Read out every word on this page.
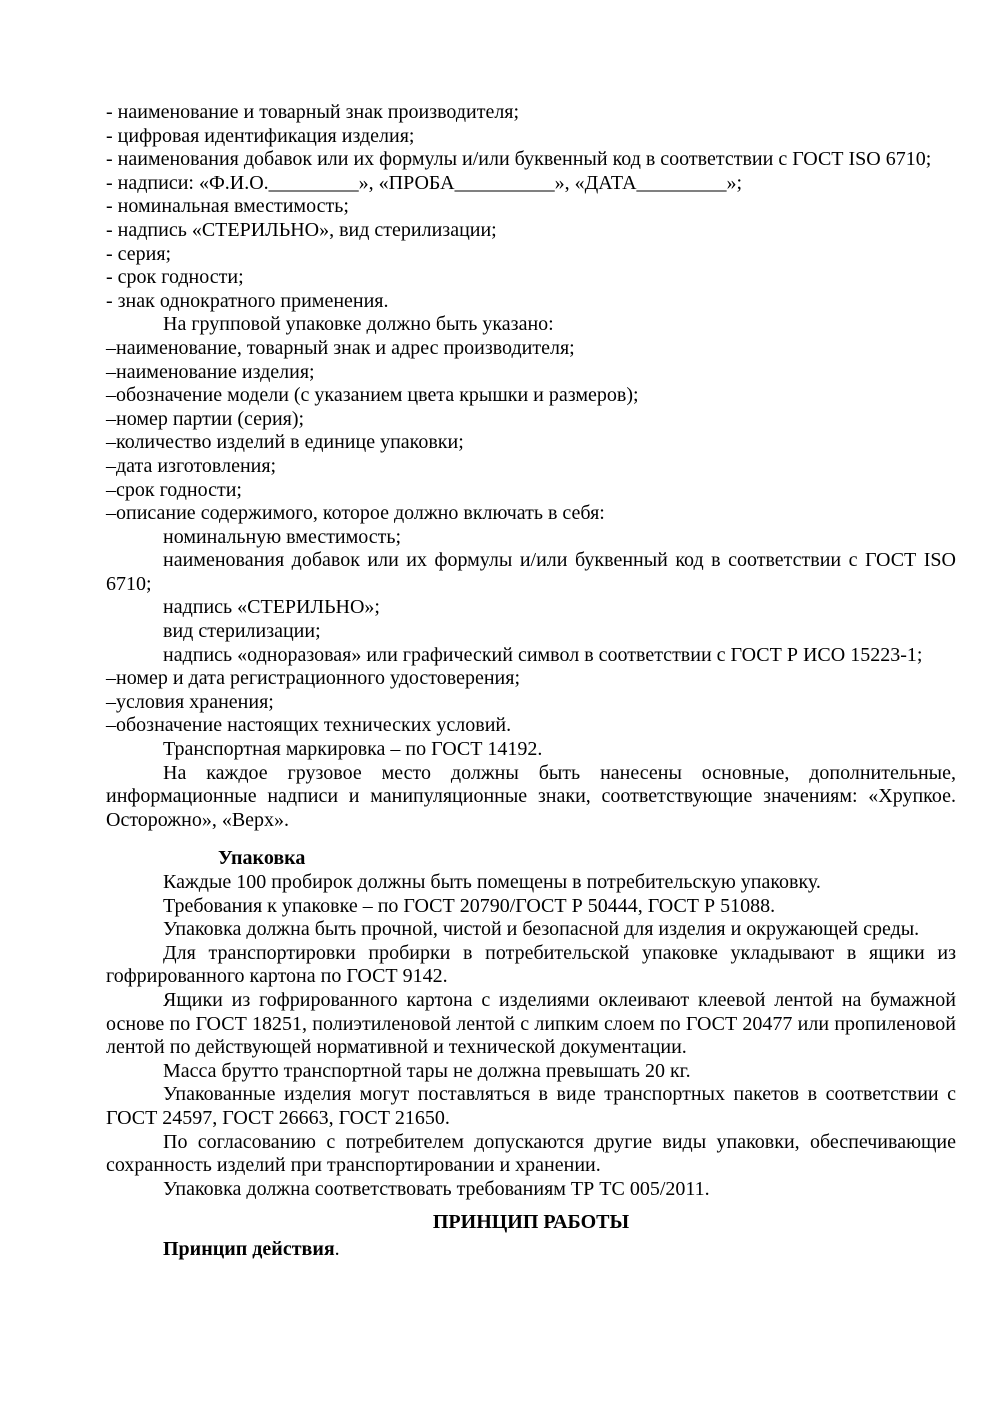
- наименование и товарный знак производителя;
- цифровая идентификация изделия;
- наименования добавок или их формулы и/или буквенный код в соответствии с ГОСТ ISO 6710;
- надписи: «Ф.И.О._________», «ПРОБА__________», «ДАТА_________»;
- номинальная вместимость;
- надпись «СТЕРИЛЬНО», вид стерилизации;
- серия;
- срок годности;
- знак однократного применения.
На групповой упаковке должно быть указано:
–наименование, товарный знак и адрес производителя;
–наименование изделия;
–обозначение модели (с указанием цвета крышки и размеров);
–номер партии (серия);
–количество изделий в единице упаковки;
–дата изготовления;
–срок годности;
–описание содержимого, которое должно включать в себя:
номинальную вместимость;
наименования добавок или их формулы и/или буквенный код в соответствии с ГОСТ ISO 6710;
надпись «СТЕРИЛЬНО»;
вид стерилизации;
надпись «одноразовая» или графический символ в соответствии с ГОСТ Р ИСО 15223-1;
–номер и дата регистрационного удостоверения;
–условия хранения;
–обозначение настоящих технических условий.
Транспортная маркировка – по ГОСТ 14192.
На каждое грузовое место должны быть нанесены основные, дополнительные, информационные надписи и манипуляционные знаки, соответствующие значениям: «Хрупкое. Осторожно», «Верх».
Упаковка
Каждые 100 пробирок должны быть помещены в потребительскую упаковку.
Требования к упаковке – по ГОСТ 20790/ГОСТ Р 50444, ГОСТ Р 51088.
Упаковка должна быть прочной, чистой и безопасной для изделия и окружающей среды.
Для транспортировки пробирки в потребительской упаковке укладывают в ящики из гофрированного картона по ГОСТ 9142.
Ящики из гофрированного картона с изделиями оклеивают клеевой лентой на бумажной основе по ГОСТ 18251, полиэтиленовой лентой с липким слоем по ГОСТ 20477 или пропиленовой лентой по действующей нормативной и технической документации.
Масса брутто транспортной тары не должна превышать 20 кг.
Упакованные изделия могут поставляться в виде транспортных пакетов в соответствии с ГОСТ 24597, ГОСТ 26663, ГОСТ 21650.
По согласованию с потребителем допускаются другие виды упаковки, обеспечивающие сохранность изделий при транспортировании и хранении.
Упаковка должна соответствовать требованиям ТР ТС 005/2011.
ПРИНЦИП РАБОТЫ
Принцип действия.
